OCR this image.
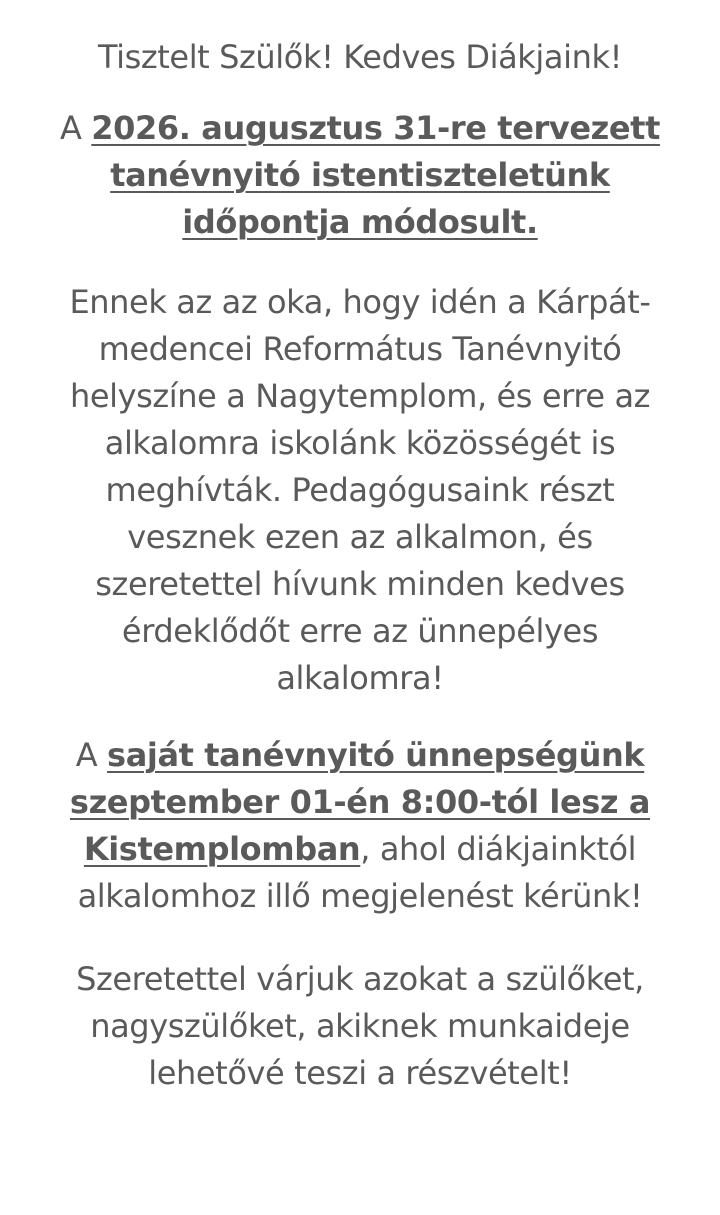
Tisztelt Szülők! Kedves Diákjaink!

A 2026. augusztus 31-re tervezett tanévnyitó istentiszteletünk időpontja módosult.

Ennek az az oka, hogy idén a Kárpát-medencei Református Tanévnyitó helyszíne a Nagytemplom, és erre az alkalomra iskolánk közösségét is meghívták. Pedagógusaink részt vesznek ezen az alkalmon, és szeretettel hívunk minden kedves érdeklődőt erre az ünnepélyes alkalomra!

A saját tanévnyitó ünnepségünk szeptember 01-én 8:00-tól lesz a Kistemplomban, ahol diákjainktól alkalomhoz illő megjelenést kérünk!

Szeretettel várjuk azokat a szülőket, nagyszülőket, akiknek munkaideje lehetővé teszi a részvételt!
